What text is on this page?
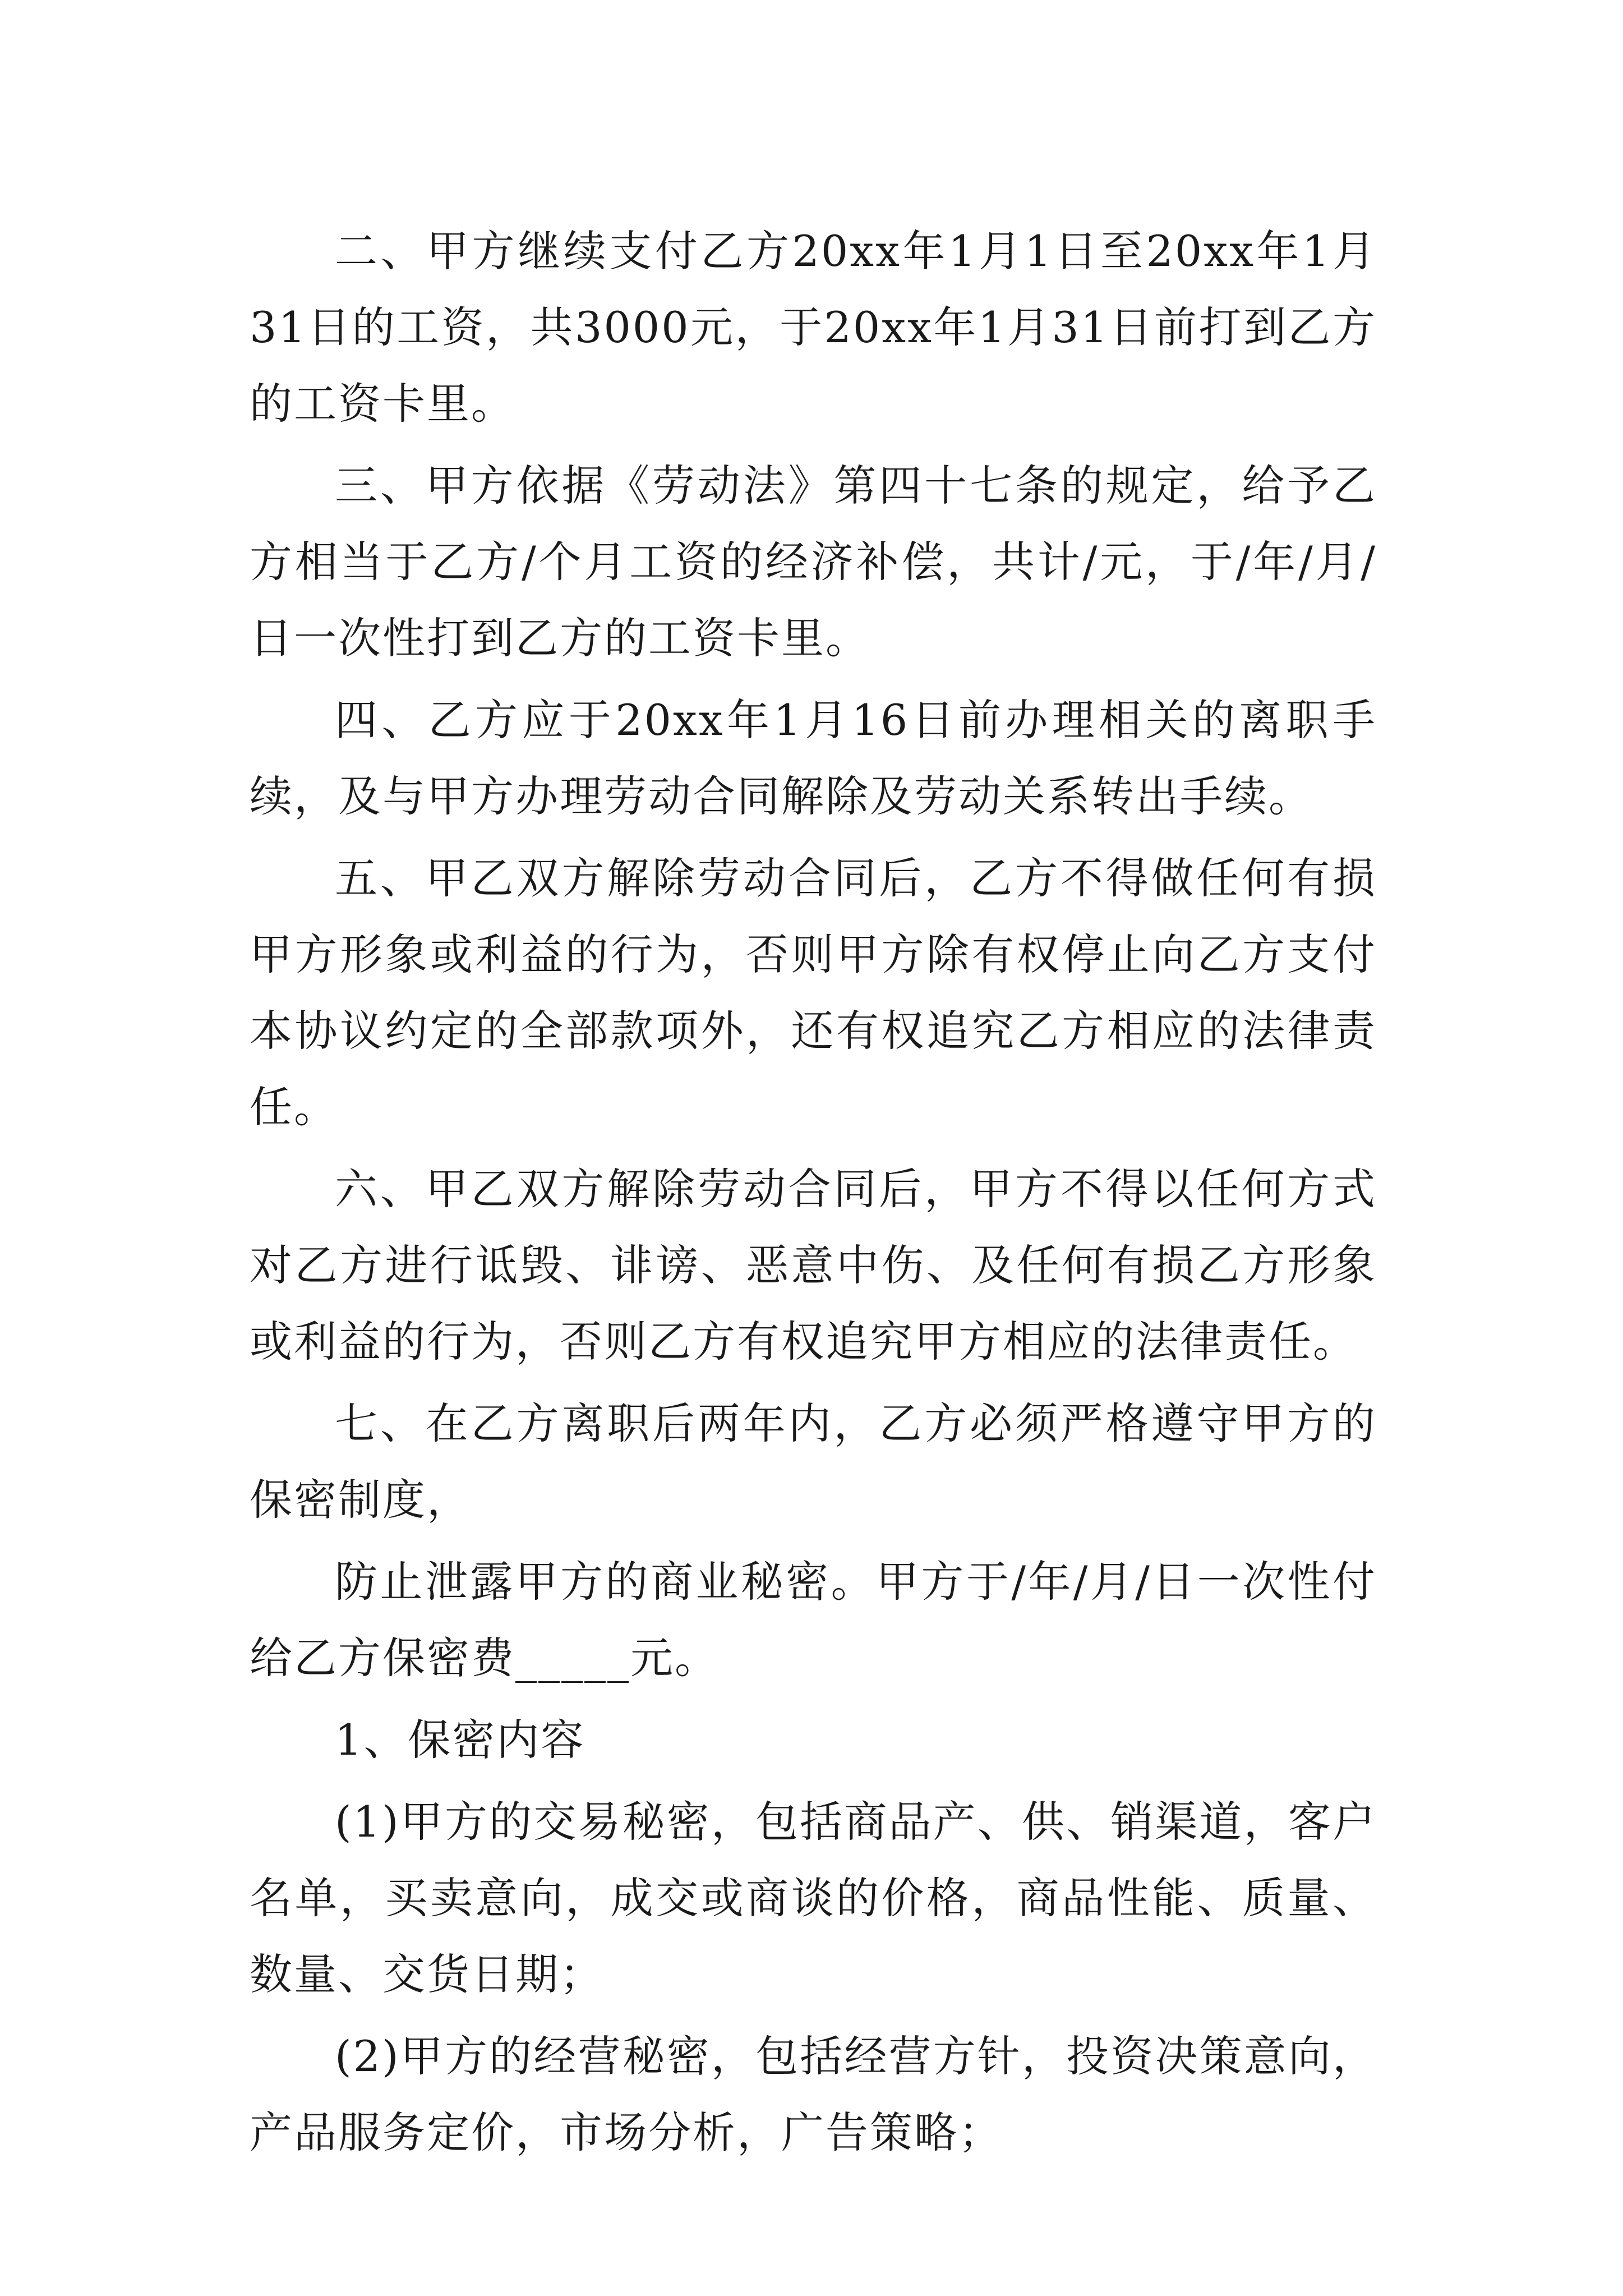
二、甲方继续支付乙方20xx年1月1日至20xx年1月31日的工资，共3000元，于20xx年1月31日前打到乙方的工资卡里。

三、甲方依据《劳动法》第四十七条的规定，给予乙方相当于乙方/个月工资的经济补偿，共计/元，于/年/月/日一次性打到乙方的工资卡里。

四、乙方应于20xx年1月16日前办理相关的离职手续，及与甲方办理劳动合同解除及劳动关系转出手续。

五、甲乙双方解除劳动合同后，乙方不得做任何有损甲方形象或利益的行为，否则甲方除有权停止向乙方支付本协议约定的全部款项外，还有权追究乙方相应的法律责任。

六、甲乙双方解除劳动合同后，甲方不得以任何方式对乙方进行诋毁、诽谤、恶意中伤、及任何有损乙方形象或利益的行为，否则乙方有权追究甲方相应的法律责任。

七、在乙方离职后两年内，乙方必须严格遵守甲方的保密制度，

防止泄露甲方的商业秘密。甲方于/年/月/日一次性付给乙方保密费_____元。

1、保密内容

(1)甲方的交易秘密，包括商品产、供、销渠道，客户名单，买卖意向，成交或商谈的价格，商品性能、质量、数量、交货日期；

(2)甲方的经营秘密，包括经营方针，投资决策意向，产品服务定价，市场分析，广告策略；
